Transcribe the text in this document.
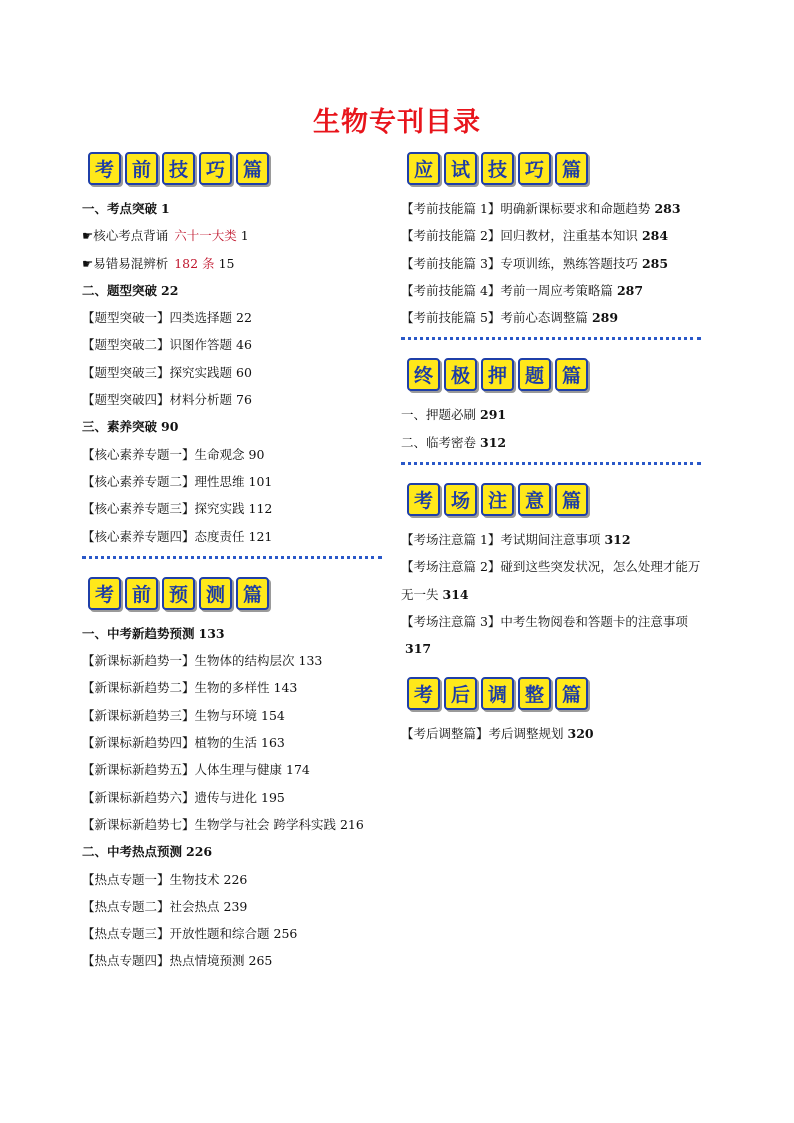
生物专刊目录
考 前 技 巧 篇
一、考点突破 1
☛核心考点背诵 六十一大类 1
☛易错易混辨析 182 条 15
二、题型突破 22
【题型突破一】四类选择题 22
【题型突破二】识图作答题 46
【题型突破三】探究实践题 60
【题型突破四】材料分析题 76
三、素养突破 90
【核心素养专题一】生命观念 90
【核心素养专题二】理性思维 101
【核心素养专题三】探究实践 112
【核心素养专题四】态度责任 121
考 前 预 测 篇
一、中考新趋势预测 133
【新课标新趋势一】生物体的结构层次 133
【新课标新趋势二】生物的多样性 143
【新课标新趋势三】生物与环境 154
【新课标新趋势四】植物的生活 163
【新课标新趋势五】人体生理与健康 174
【新课标新趋势六】遗传与进化 195
【新课标新趋势七】生物学与社会 跨学科实践 216
二、中考热点预测 226
【热点专题一】生物技术 226
【热点专题二】社会热点 239
【热点专题三】开放性题和综合题 256
【热点专题四】热点情境预测 265
应 试 技 巧 篇
【考前技能篇 1】明确新课标要求和命题趋势 283
【考前技能篇 2】回归教材，注重基本知识 284
【考前技能篇 3】专项训练，熟练答题技巧 285
【考前技能篇 4】考前一周应考策略篇 287
【考前技能篇 5】考前心态调整篇 289
终 极 押 题 篇
一、押题必刷 291
二、临考密卷 312
考 场 注 意 篇
【考场注意篇 1】考试期间注意事项 312
【考场注意篇 2】碰到这些突发状况，怎么处理才能万无一失 314
【考场注意篇 3】中考生物阅卷和答题卡的注意事项317
考 后 调 整 篇
【考后调整篇】考后调整规划 320
